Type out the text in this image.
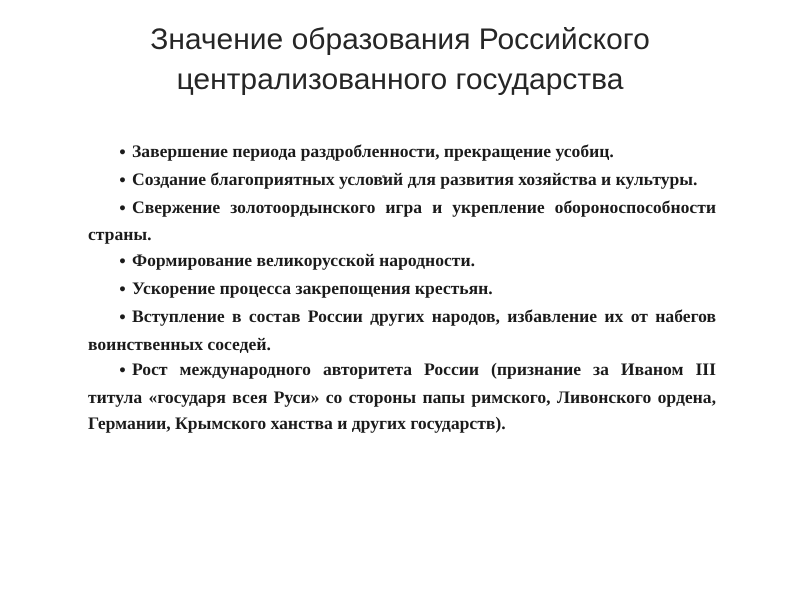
Значение образования Российского
централизованного государства
• Завершение периода раздробленности, прекращение усобиц.
• Создание благоприятных условий для развития хозяйства и культуры.
• Свержение золотоордынского игра и укрепление обороноспособности страны.
• Формирование великорусской народности.
• Ускорение процесса закрепощения крестьян.
• Вступление в состав России других народов, избавление их от набегов воинственных соседей.
• Рост международного авторитета России (признание за Иваном III титула «государя всея Руси» со стороны папы римского, Ливонского ордена, Германии, Крымского ханства и других государств).
